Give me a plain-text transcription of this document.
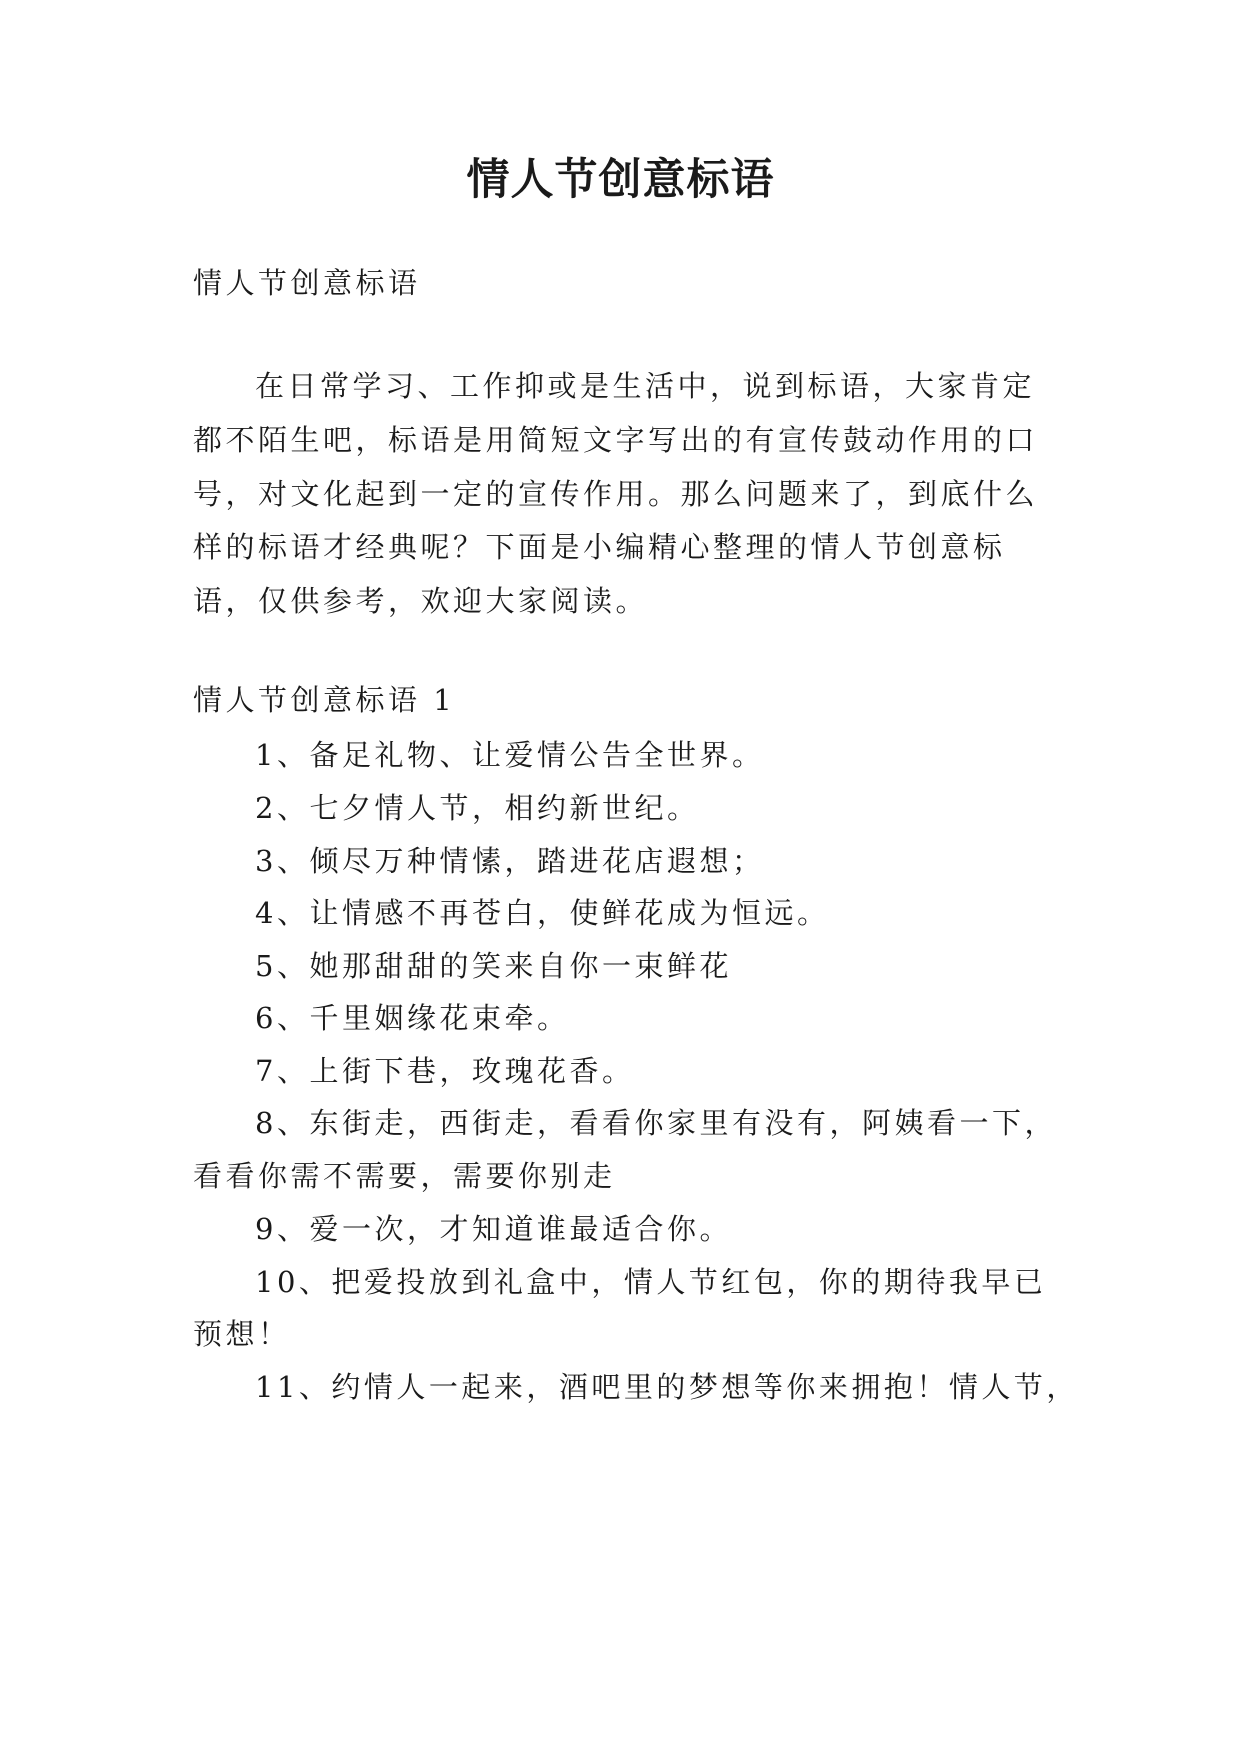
情人节创意标语

情人节创意标语

在日常学习、工作抑或是生活中，说到标语，大家肯定

都不陌生吧，标语是用简短文字写出的有宣传鼓动作用的口

号，对文化起到一定的宣传作用。那么问题来了，到底什么

样的标语才经典呢？下面是小编精心整理的情人节创意标

语，仅供参考，欢迎大家阅读。

情人节创意标语 1

1、备足礼物、让爱情公告全世界。

2、七夕情人节，相约新世纪。

3、倾尽万种情愫，踏进花店遐想；

4、让情感不再苍白，使鲜花成为恒远。

5、她那甜甜的笑来自你一束鲜花

6、千里姻缘花束牵。

7、上街下巷，玫瑰花香。

8、东街走，西街走，看看你家里有没有，阿姨看一下，

看看你需不需要，需要你别走

9、爱一次，才知道谁最适合你。

10、把爱投放到礼盒中，情人节红包，你的期待我早已

预想！

11、约情人一起来，酒吧里的梦想等你来拥抱！情人节，
